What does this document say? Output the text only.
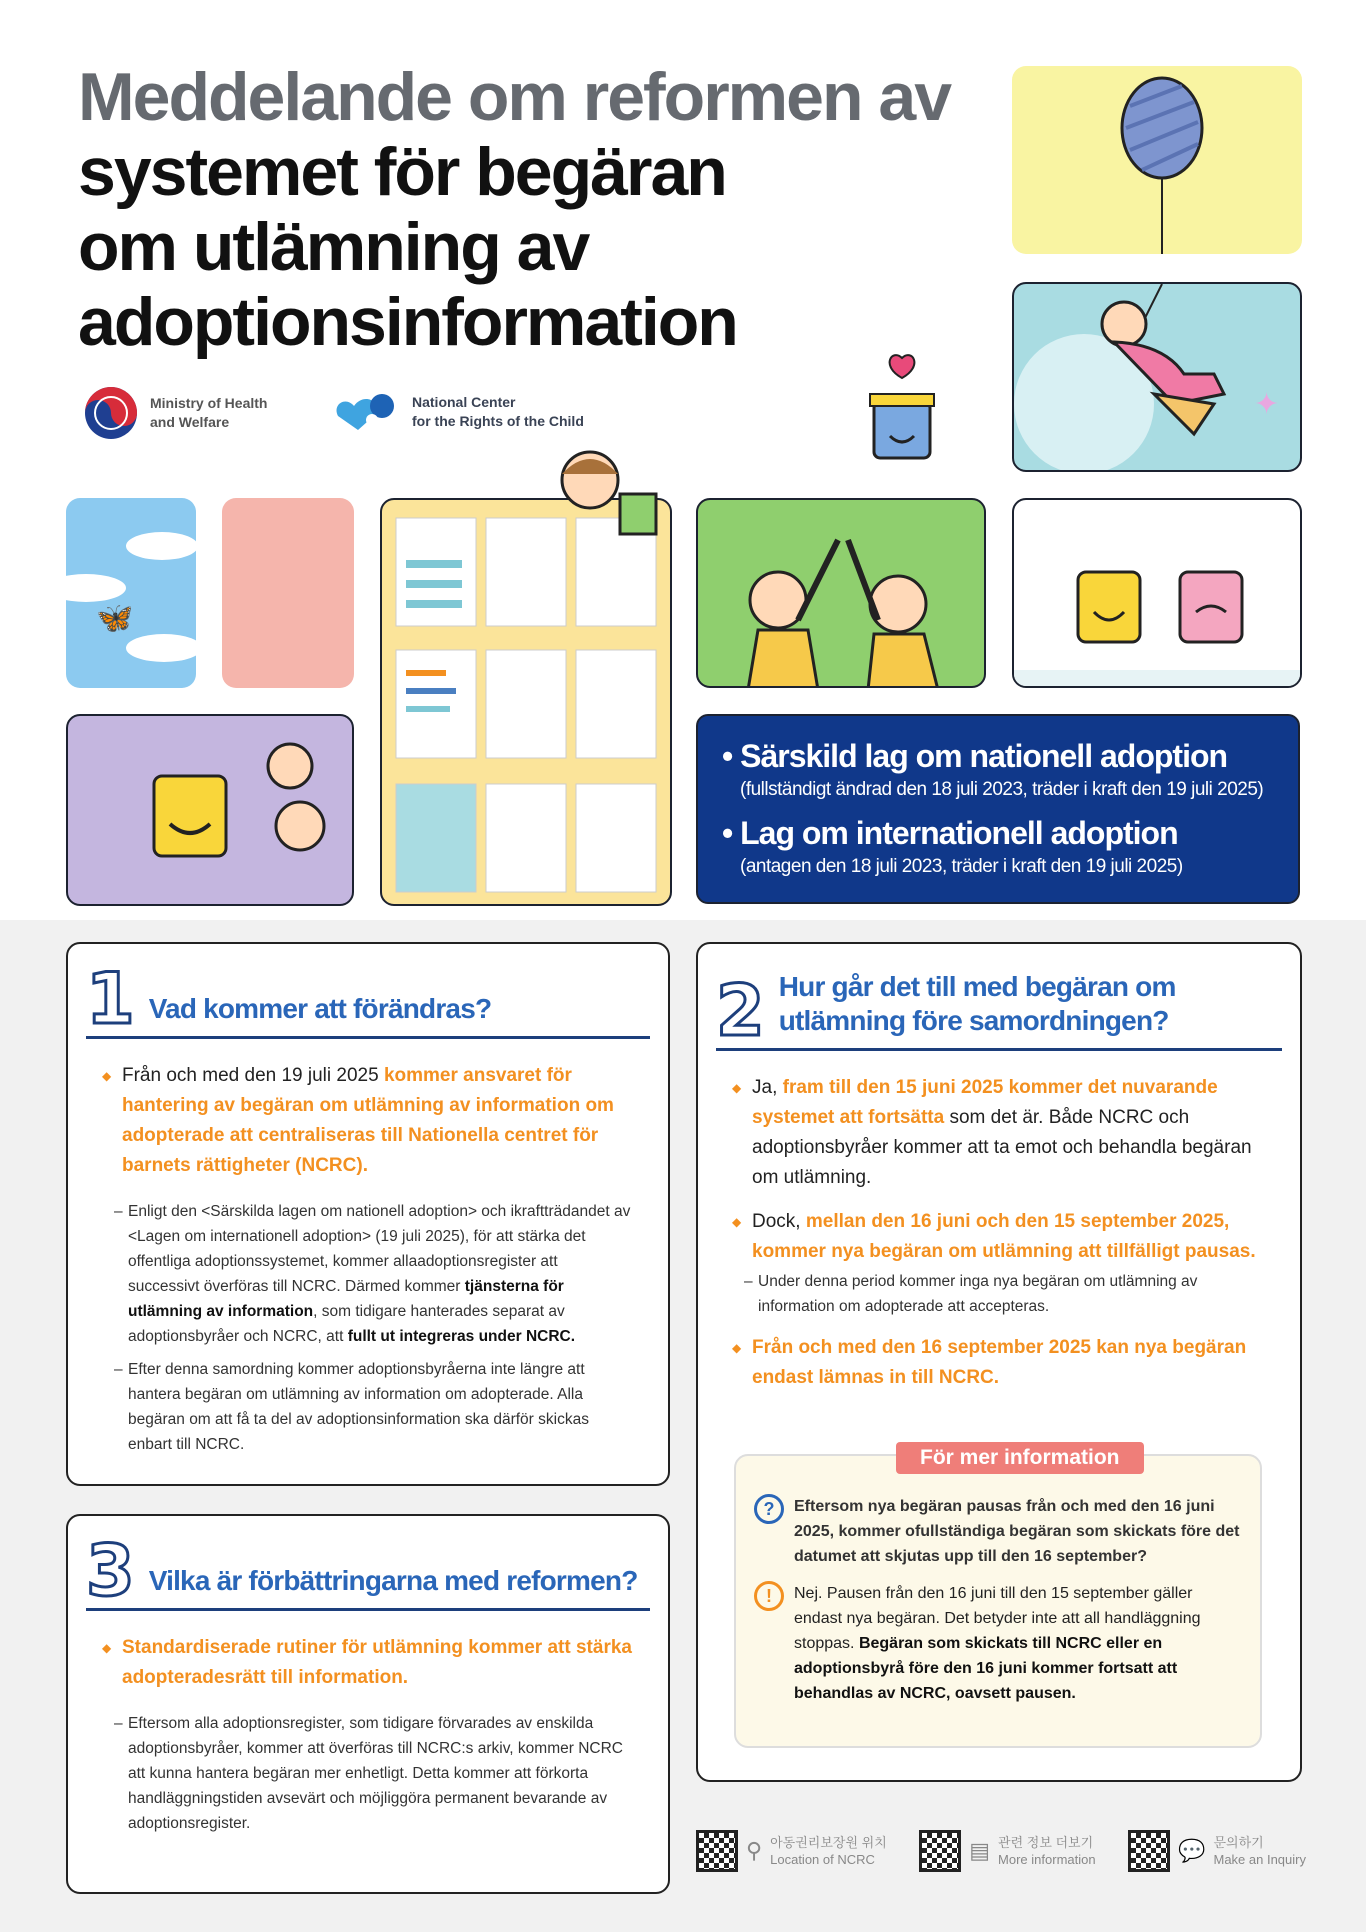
Meddelande om reformen av
systemet för begäran
om utlämning av
adoptionsinformation
Ministry of Health
and Welfare
National Center
for the Rights of the Child	✦
🦋
• Särskild lag om nationell adoption
(fullständigt ändrad den 18 juli 2023, träder i kraft den 19 juli 2025)
• Lag om internationell adoption
(antagen den 18 juli 2023, träder i kraft den 19 juli 2025)
1 Vad kommer att förändras?
◆ Från och med den 19 juli 2025 kommer ansvaret för hantering av begäran om utlämning av information om adopterade att centraliseras till Nationella centret för barnets rättigheter (NCRC).
– Enligt den <Särskilda lagen om nationell adoption> och ikraftträdandet av <Lagen om internationell adoption> (19 juli 2025), för att stärka det offentliga adoptionssystemet, kommer allaadoptionsregister att successivt överföras till NCRC. Därmed kommer tjänsterna för utlämning av information, som tidigare hanterades separat av adoptionsbyråer och NCRC, att fullt ut integreras under NCRC.
– Efter denna samordning kommer adoptionsbyråerna inte längre att hantera begäran om utlämning av information om adopterade. Alla begäran om att få ta del av adoptionsinformation ska därför skickas enbart till NCRC.
2 Hur går det till med begäran om utlämning före samordningen?
◆ Ja, fram till den 15 juni 2025 kommer det nuvarande systemet att fortsätta som det är. Både NCRC och adoptionsbyråer kommer att ta emot och behandla begäran om utlämning.
◆ Dock, mellan den 16 juni och den 15 september 2025, kommer nya begäran om utlämning att tillfälligt pausas.
– Under denna period kommer inga nya begäran om utlämning av information om adopterade att accepteras.
◆ Från och med den 16 september 2025 kan nya begäran endast lämnas in till NCRC.
För mer information
?	Eftersom nya begäran pausas från och med den 16 juni 2025, kommer ofullständiga begäran som skickats före det datumet att skjutas upp till den 16 september?
!	Nej. Pausen från den 16 juni till den 15 september gäller endast nya begäran. Det betyder inte att all handläggning stoppas. Begäran som skickats till NCRC eller en adoptionsbyrå före den 16 juni kommer fortsatt att behandlas av NCRC, oavsett pausen.
3 Vilka är förbättringarna med reformen?
◆ Standardiserade rutiner för utlämning kommer att stärka adopteradesrätt till information.
– Eftersom alla adoptionsregister, som tidigare förvarades av enskilda adoptionsbyråer, kommer att överföras till NCRC:s arkiv, kommer NCRC att kunna hantera begäran mer enhetligt. Detta kommer att förkorta handläggningstiden avsevärt och möjliggöra permanent bevarande av adoptionsregister.
⚲ 아동권리보장원 위치
Location of NCRC	▤ 관련 정보 더보기
More information	💬 문의하기
Make an Inquiry
